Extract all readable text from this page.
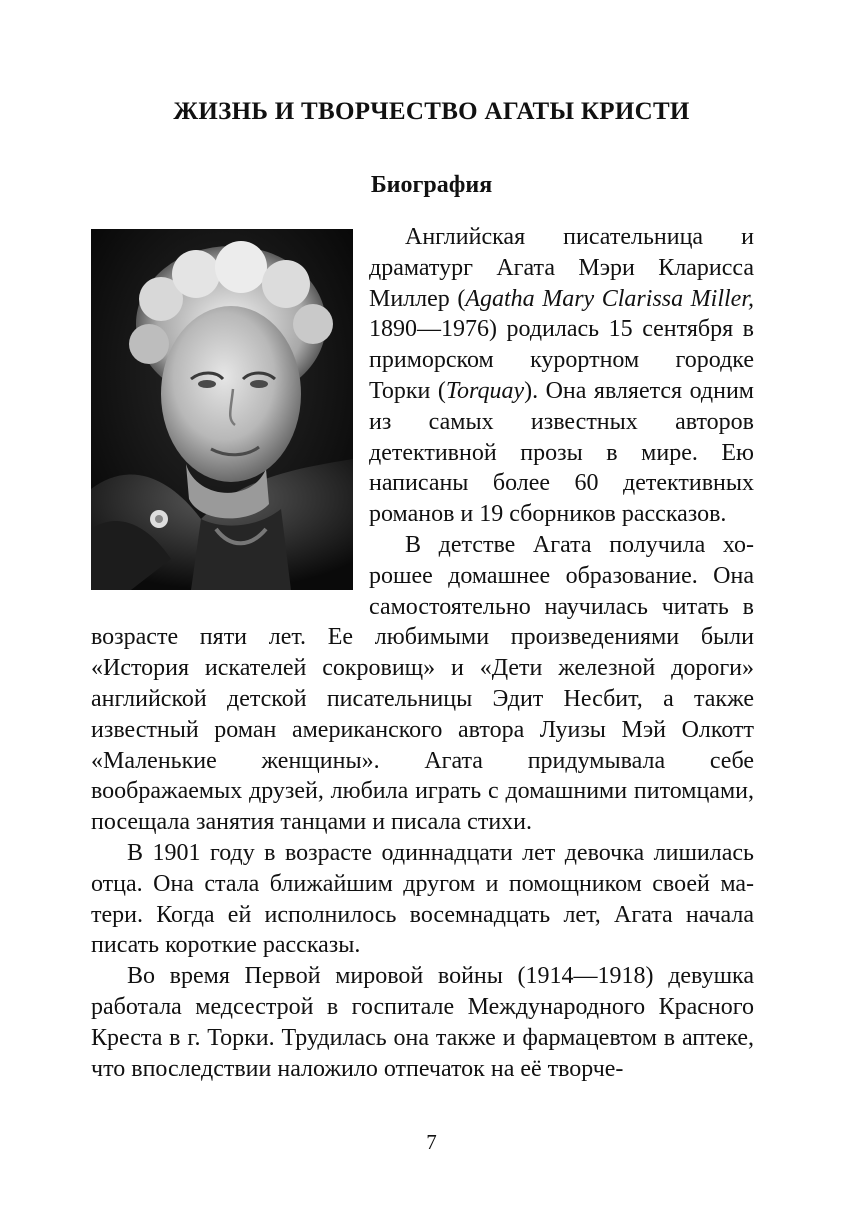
ЖИЗНЬ И ТВОРЧЕСТВО АГАТЫ КРИСТИ
Биография

Английская писательница и драматург Агата Мэри Кларисса Миллер (Agatha Mary Clarissa Miller, 1890—1976) родилась 15 сентября в приморском курортном городке Торки (Torquay). Она является одним из самых известных авторов детективной прозы в мире. Ею написаны более 60 детективных романов и 19 сборников рассказов.

В детстве Агата получила хорошее домашнее образование. Она самостоятельно научилась читать в возрасте пяти лет. Ее любимыми произведениями были «История искателей сокровищ» и «Дети железной дороги» английской детской писательницы Эдит Несбит, а также известный роман американского автора Луизы Мэй Олкотт «Маленькие женщины». Агата придумывала себе воображаемых друзей, любила играть с домашними питомцами, посещала занятия танцами и писала стихи.

В 1901 году в возрасте одиннадцати лет девочка лишилась отца. Она стала ближайшим другом и помощником своей матери. Когда ей исполнилось восемнадцать лет, Агата начала писать короткие рассказы.

Во время Первой мировой войны (1914—1918) девушка работала медсестрой в госпитале Международного Красного Креста в г. Торки. Трудилась она также и фармацевтом в аптеке, что впоследствии наложило отпечаток на её творче-

7
